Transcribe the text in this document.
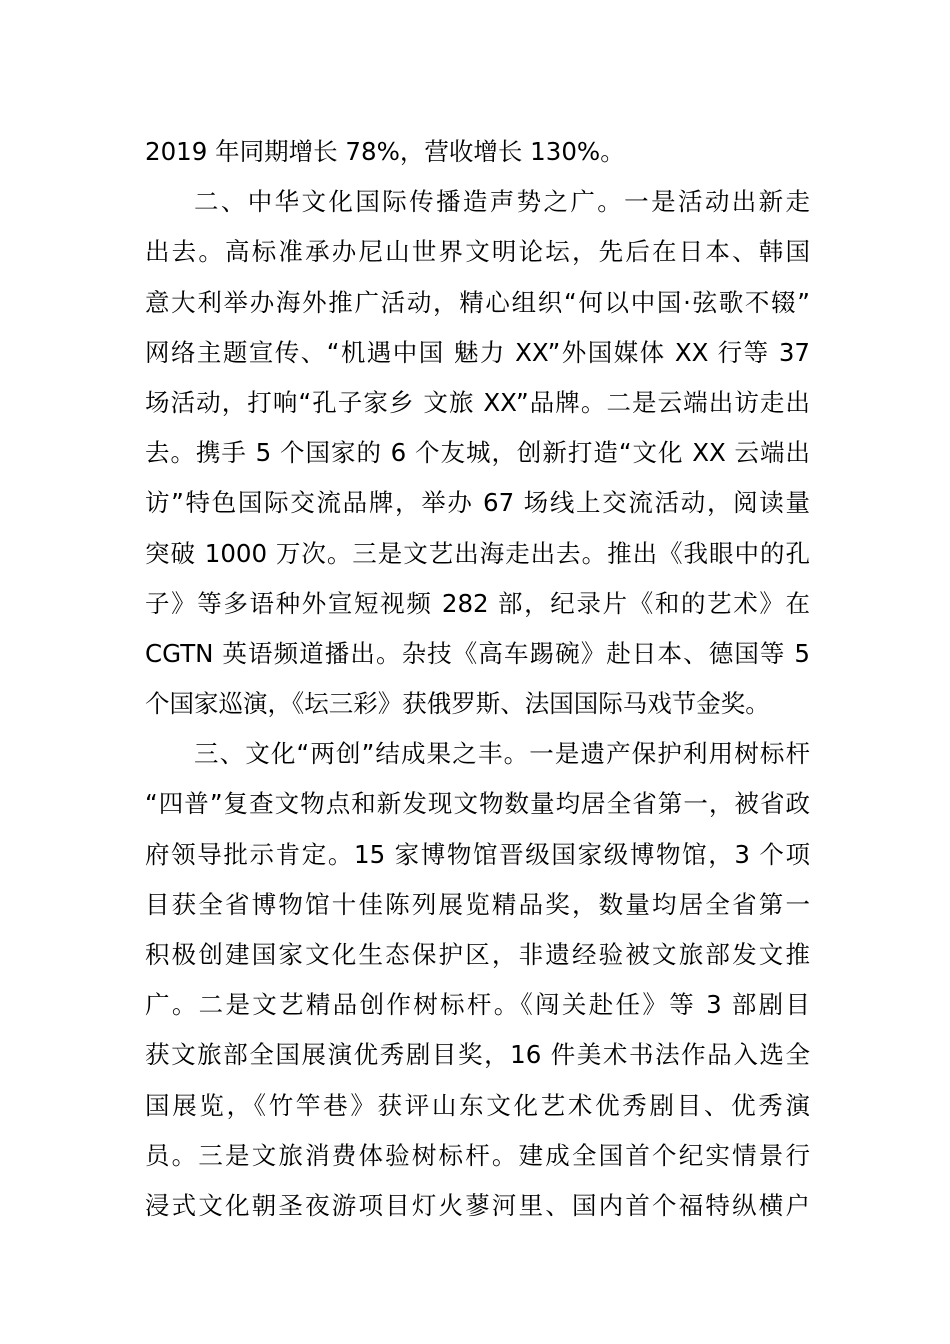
2019 年同期增长 78%，营收增长 130%。
二、中华文化国际传播造声势之广。一是活动出新走
出去。高标准承办尼山世界文明论坛，先后在日本、韩国
意大利举办海外推广活动，精心组织“何以中国·弦歌不辍”
网络主题宣传、“机遇中国 魅力 XX”外国媒体 XX 行等 37
场活动，打响“孔子家乡 文旅 XX”品牌。二是云端出访走出
去。携手 5 个国家的 6 个友城，创新打造“文化 XX 云端出
访”特色国际交流品牌，举办 67 场线上交流活动，阅读量
突破 1000 万次。三是文艺出海走出去。推出《我眼中的孔
子》等多语种外宣短视频 282 部，纪录片《和的艺术》在
CGTN 英语频道播出。杂技《高车踢碗》赴日本、德国等 5
个国家巡演，《坛三彩》获俄罗斯、法国国际马戏节金奖。
三、文化“两创”结成果之丰。一是遗产保护利用树标杆
“四普”复查文物点和新发现文物数量均居全省第一，被省政
府领导批示肯定。15 家博物馆晋级国家级博物馆，3 个项
目获全省博物馆十佳陈列展览精品奖，数量均居全省第一
积极创建国家文化生态保护区，非遗经验被文旅部发文推
广。二是文艺精品创作树标杆。《闯关赴任》等 3 部剧目
获文旅部全国展演优秀剧目奖，16 件美术书法作品入选全
国展览，《竹竿巷》获评山东文化艺术优秀剧目、优秀演
员。三是文旅消费体验树标杆。建成全国首个纪实情景行
浸式文化朝圣夜游项目灯火蓼河里、国内首个福特纵横户
